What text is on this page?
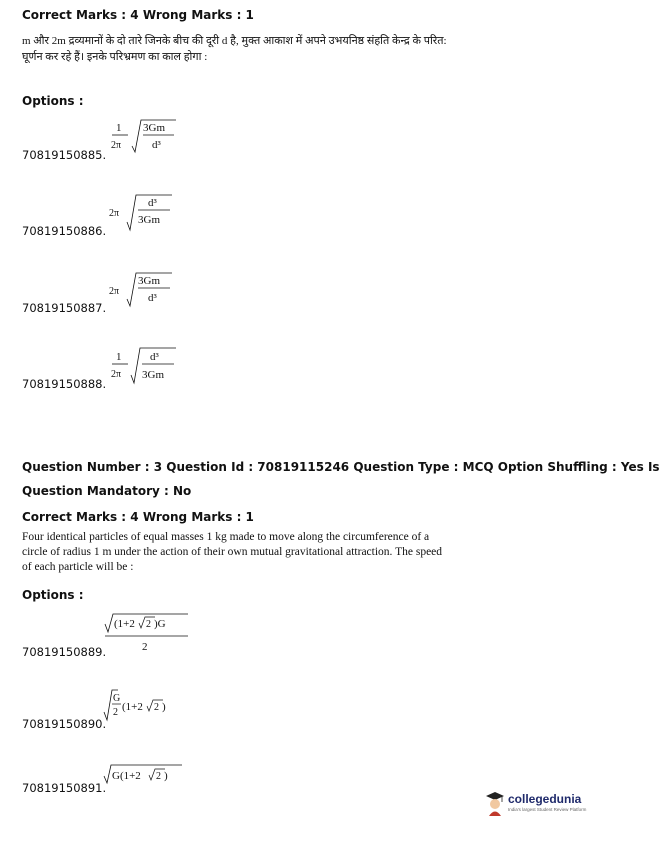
Correct Marks : 4 Wrong Marks : 1
m और 2m द्रव्यमानों के दो तारे जिनके बीच की दूरी d है, मुक्त आकाश में अपने उभयनिष्ठ संहति केन्द्र के परित:
घूर्णन कर रहे हैं। इनके परिभ्रमण का काल होगा :
Options :
70819150885.
1
2π
3Gm
d³
70819150886.
2π
d³
3Gm
70819150887.
2π
3Gm
d³
70819150888.
1
2π
d³
3Gm
Question Number : 3 Question Id : 70819115246 Question Type : MCQ Option Shuffling : Yes Is
Question Mandatory : No
Correct Marks : 4 Wrong Marks : 1
Four identical particles of equal masses 1 kg made to move along the circumference of a
circle of radius 1 m under the action of their own mutual gravitational attraction. The speed
of each particle will be :
Options :
70819150889.
(1+2 2 )G
2
70819150890.
G
2 (1+2 2 )
70819150891.
G(1+2 2 )
collegedunia
India's largest Student Review Platform
